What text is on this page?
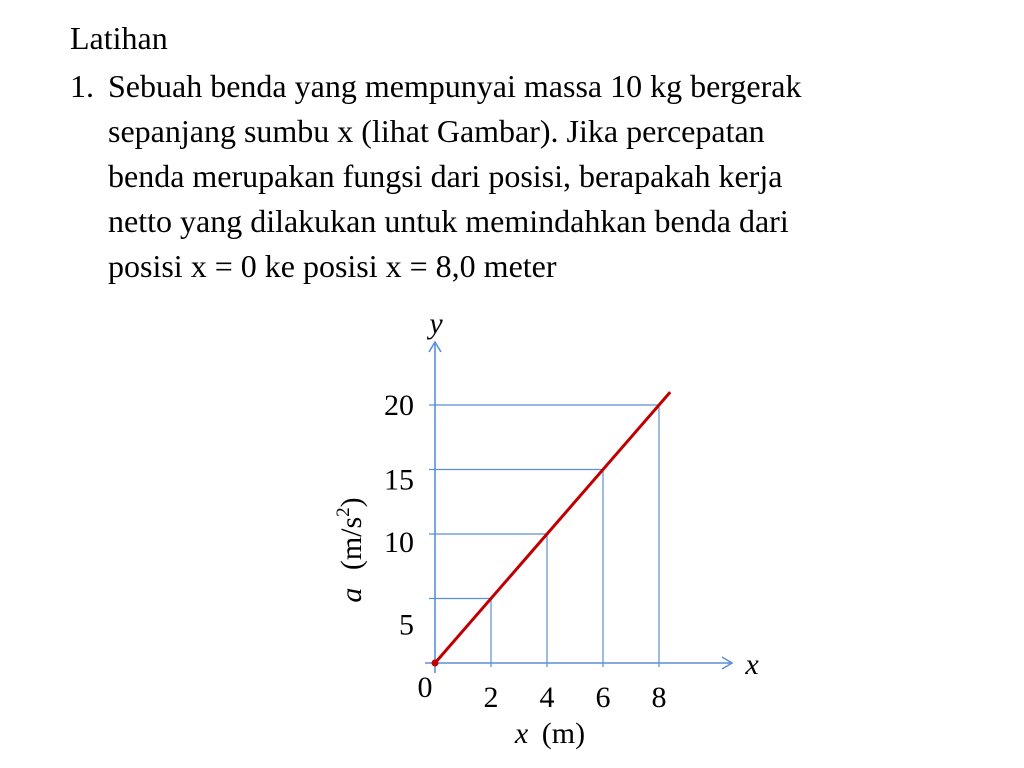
Latihan
1. Sebuah benda yang mempunyai massa 10 kg bergerak
sepanjang sumbu x (lihat Gambar). Jika percepatan
benda merupakan fungsi dari posisi, berapakah kerja
netto yang dilakukan untuk memindahkan benda dari
posisi x = 0 ke posisi x = 8,0 meter
y
x
0 2 4 6 8
5
10
15
20
a $(m/s^2)$
x (m)
